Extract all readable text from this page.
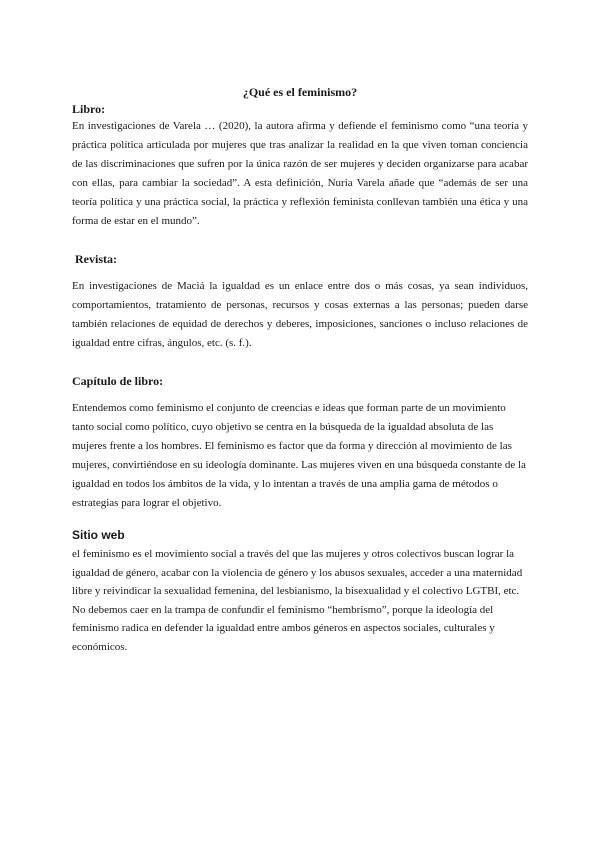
¿Qué es el feminismo?

Libro:

En investigaciones de Varela … (2020), la autora afirma y defiende el feminismo como “una teoría y práctica política articulada por mujeres que tras analizar la realidad en la que viven toman conciencia de las discriminaciones que sufren por la única razón de ser mujeres y deciden organizarse para acabar con ellas, para cambiar la sociedad”. A esta definición, Nuria Varela añade que “además de ser una teoría política y una práctica social, la práctica y reflexión feminista conllevan también una ética y una forma de estar en el mundo”.

Revista:

En investigaciones de Maciá la igualdad es un enlace entre dos o más cosas, ya sean individuos, comportamientos, tratamiento de personas, recursos y cosas externas a las personas; pueden darse también relaciones de equidad de derechos y deberes, imposiciones, sanciones o incluso relaciones de igualdad entre cifras, ángulos, etc. (s. f.).

Capítulo de libro:

Entendemos como feminismo el conjunto de creencias e ideas que forman parte de un movimiento tanto social como político, cuyo objetivo se centra en la búsqueda de la igualdad absoluta de las mujeres frente a los hombres. El feminismo es factor que da forma y dirección al movimiento de las mujeres, convirtiéndose en su ideología dominante. Las mujeres viven en una búsqueda constante de la igualdad en todos los ámbitos de la vida, y lo intentan a través de una amplia gama de métodos o estrategias para lograr el objetivo.

Sitio web

el feminismo es el movimiento social a través del que las mujeres y otros colectivos buscan lograr la igualdad de género, acabar con la violencia de género y los abusos sexuales, acceder a una maternidad libre y reivindicar la sexualidad femenina, del lesbianismo, la bisexualidad y el colectivo LGTBI, etc. No debemos caer en la trampa de confundir el feminismo “hembrismo”, porque la ideología del feminismo radica en defender la igualdad entre ambos géneros en aspectos sociales, culturales y económicos.
